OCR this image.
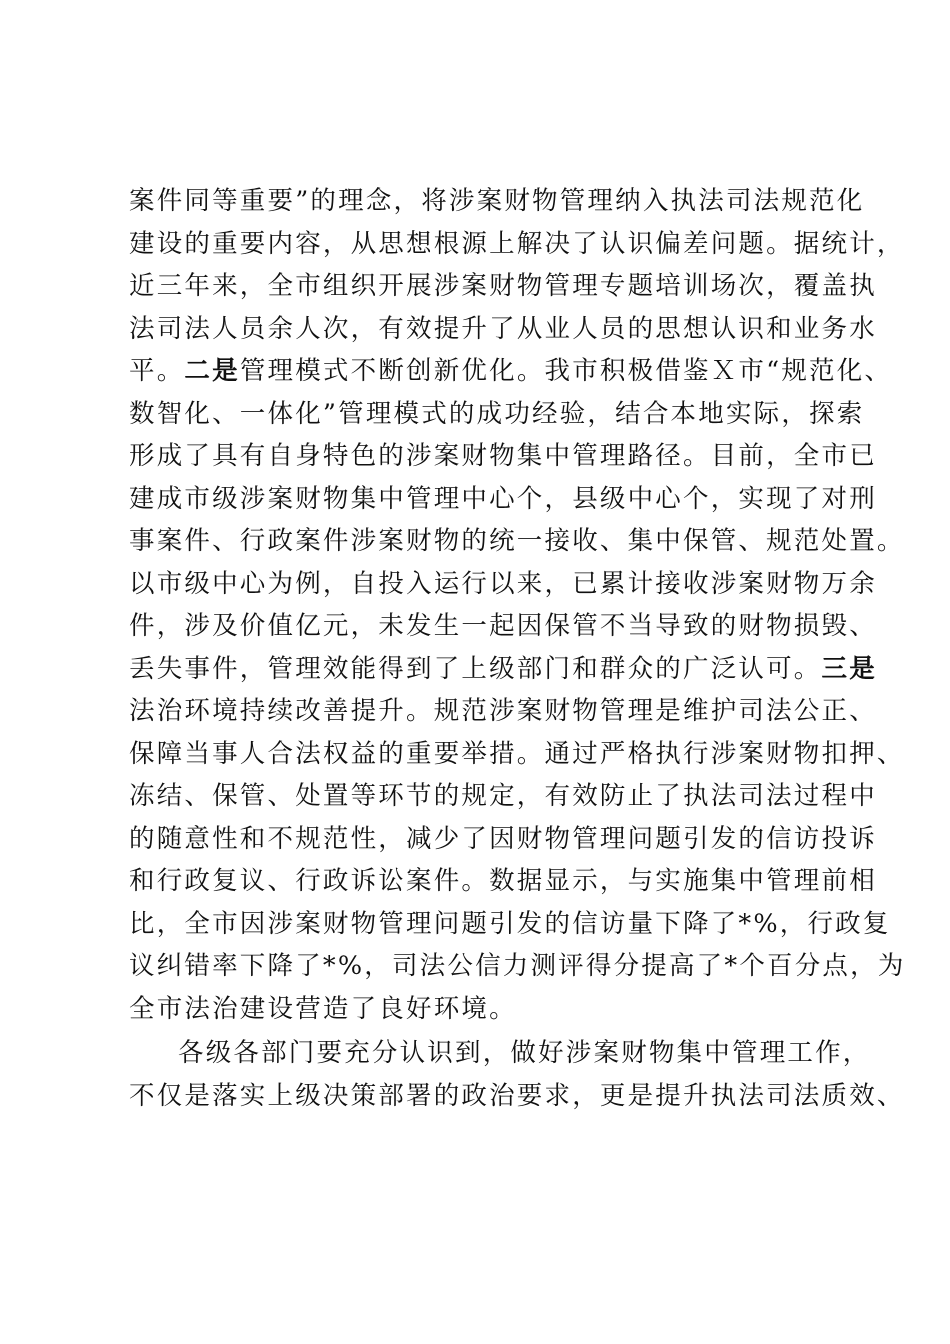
案件同等重要”的理念，将涉案财物管理纳入执法司法规范化
建设的重要内容，从思想根源上解决了认识偏差问题。据统计，
近三年来，全市组织开展涉案财物管理专题培训场次，覆盖执
法司法人员余人次，有效提升了从业人员的思想认识和业务水
平。二是管理模式不断创新优化。我市积极借鉴Ｘ市“规范化、
数智化、一体化”管理模式的成功经验，结合本地实际，探索
形成了具有自身特色的涉案财物集中管理路径。目前，全市已
建成市级涉案财物集中管理中心个，县级中心个，实现了对刑
事案件、行政案件涉案财物的统一接收、集中保管、规范处置。
以市级中心为例，自投入运行以来，已累计接收涉案财物万余
件，涉及价值亿元，未发生一起因保管不当导致的财物损毁、
丢失事件，管理效能得到了上级部门和群众的广泛认可。三是
法治环境持续改善提升。规范涉案财物管理是维护司法公正、
保障当事人合法权益的重要举措。通过严格执行涉案财物扣押、
冻结、保管、处置等环节的规定，有效防止了执法司法过程中
的随意性和不规范性，减少了因财物管理问题引发的信访投诉
和行政复议、行政诉讼案件。数据显示，与实施集中管理前相
比，全市因涉案财物管理问题引发的信访量下降了*%，行政复
议纠错率下降了*%，司法公信力测评得分提高了*个百分点，为
全市法治建设营造了良好环境。
各级各部门要充分认识到，做好涉案财物集中管理工作，
不仅是落实上级决策部署的政治要求，更是提升执法司法质效、
